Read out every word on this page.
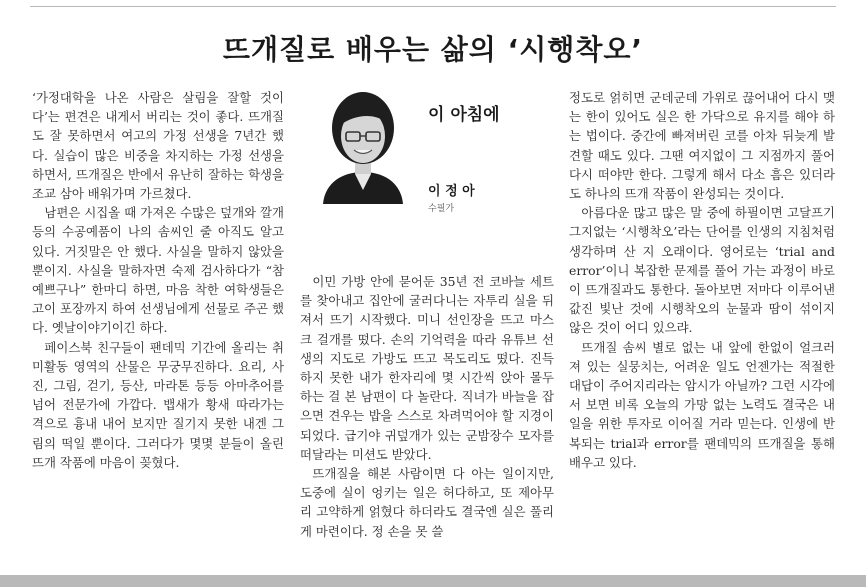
뜨개질로 배우는 삶의 ‘시행착오’

‘가정대학을 나온 사람은 살림을 잘할 것이다’는 편견은 내게서 버리는 것이 좋다. 뜨개질도 잘 못하면서 여고의 가정 선생을 7년간 했다. 실습이 많은 비중을 차지하는 가정 선생을 하면서, 뜨개질은 반에서 유난히 잘하는 학생을 조교 삼아 배워가며 가르쳤다.

남편은 시집올 때 가져온 수많은 덮개와 깔개 등의 수공예품이 나의 솜씨인 줄 아직도 알고 있다. 거짓말은 안 했다. 사실을 말하지 않았을 뿐이지. 사실을 말하자면 숙제 검사하다가 “참 예쁘구나” 한마디 하면, 마음 착한 여학생들은 고이 포장까지 하여 선생님에게 선물로 주곤 했다. 옛날이야기이긴 하다.

페이스북 친구들이 팬데믹 기간에 올리는 취미활동 영역의 산물은 무궁무진하다. 요리, 사진, 그림, 걷기, 등산, 마라톤 등등 아마추어를 넘어 전문가에 가깝다. 뱁새가 황새 따라가는 격으로 흉내 내어 보지만 질기지 못한 내겐 그림의 떡일 뿐이다. 그러다가 몇몇 분들이 올린 뜨개 작품에 마음이 꽂혔다.

이 아침에
이 정 아
수필가

이민 가방 안에 묻어둔 35년 전 코바늘 세트를 찾아내고 집안에 굴러다니는 자투리 실을 뒤져서 뜨기 시작했다. 미니 선인장을 뜨고 마스크 걸개를 떴다. 손의 기억력을 따라 유튜브 선생의 지도로 가방도 뜨고 목도리도 떴다. 진득하지 못한 내가 한자리에 몇 시간씩 앉아 몰두하는 걸 본 남편이 다 놀란다. 직녀가 바늘을 잡으면 견우는 밥을 스스로 차려먹어야 할 지경이 되었다. 급기야 귀덮개가 있는 군밤장수 모자를 떠달라는 미션도 받았다.

뜨개질을 해본 사람이면 다 아는 일이지만, 도중에 실이 엉키는 일은 허다하고, 또 제아무리 고약하게 얽혔다 하더라도 결국엔 실은 풀리게 마련이다. 정 손을 못 쓸

정도로 얽히면 군데군데 가위로 끊어내어 다시 맺는 한이 있어도 실은 한 가닥으로 유지를 해야 하는 법이다. 중간에 빠져버린 코를 아차 뒤늦게 발견할 때도 있다. 그땐 여지없이 그 지점까지 풀어 다시 떠야만 한다. 그렇게 해서 다소 흠은 있더라도 하나의 뜨개 작품이 완성되는 것이다.

아름다운 많고 많은 말 중에 하필이면 고달프기 그지없는 ‘시행착오’라는 단어를 인생의 지침처럼 생각하며 산 지 오래이다. 영어로는 ‘trial and error’이니 복잡한 문제를 풀어 가는 과정이 바로 이 뜨개질과도 통한다. 돌아보면 저마다 이루어낸 값진 빛난 것에 시행착오의 눈물과 땀이 섞이지 않은 것이 어디 있으랴.

뜨개질 솜씨 별로 없는 내 앞에 한없이 얼크러져 있는 실뭉치는, 어려운 일도 언젠가는 적절한 대답이 주어지리라는 암시가 아닐까? 그런 시각에서 보면 비록 오늘의 가망 없는 노력도 결국은 내일을 위한 투자로 이어질 거라 믿는다. 인생에 반복되는 trial과 error를 팬데믹의 뜨개질을 통해 배우고 있다.
